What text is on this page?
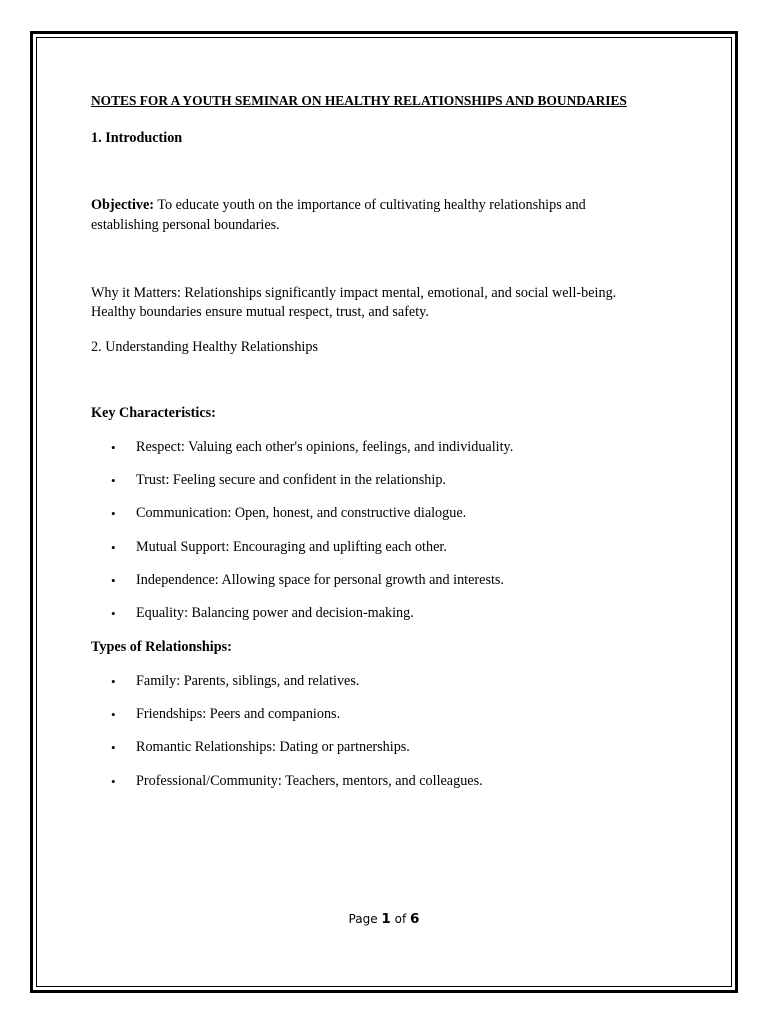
NOTES FOR A YOUTH SEMINAR ON HEALTHY RELATIONSHIPS AND BOUNDARIES
1. Introduction
Objective: To educate youth on the importance of cultivating healthy relationships and establishing personal boundaries.
Why it Matters: Relationships significantly impact mental, emotional, and social well-being.
Healthy boundaries ensure mutual respect, trust, and safety.
2. Understanding Healthy Relationships
Key Characteristics:
• Respect: Valuing each other's opinions, feelings, and individuality.
• Trust: Feeling secure and confident in the relationship.
• Communication: Open, honest, and constructive dialogue.
• Mutual Support: Encouraging and uplifting each other.
• Independence: Allowing space for personal growth and interests.
• Equality: Balancing power and decision-making.
Types of Relationships:
• Family: Parents, siblings, and relatives.
• Friendships: Peers and companions.
• Romantic Relationships: Dating or partnerships.
• Professional/Community: Teachers, mentors, and colleagues.
Page 1 of 6
